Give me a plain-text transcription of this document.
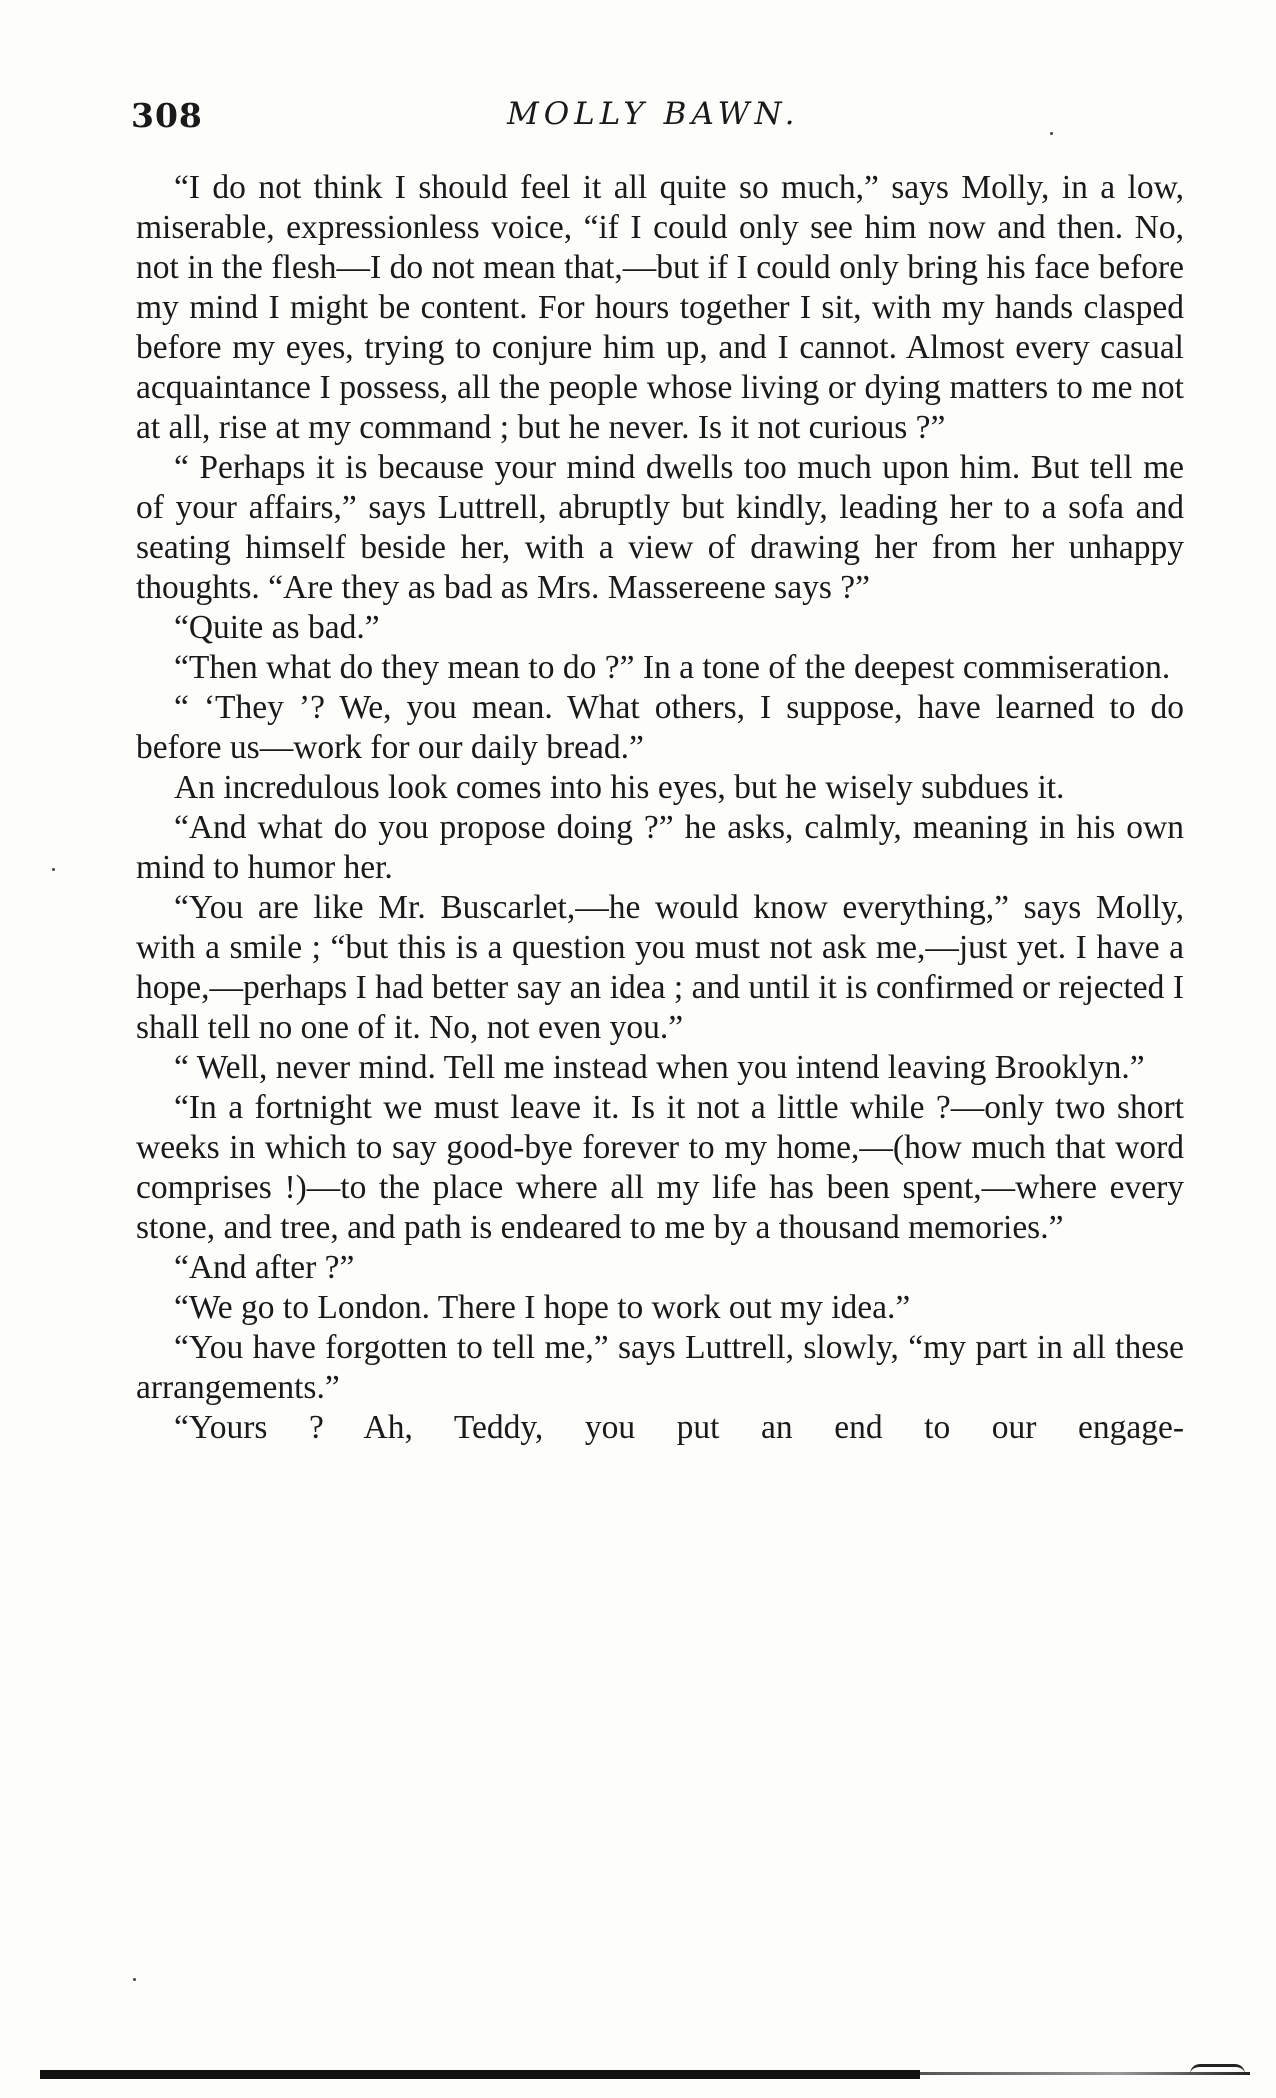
308	MOLLY BAWN.

“I do not think I should feel it all quite so much,” says Molly, in a low, miserable, expressionless voice, “if I could only see him now and then. No, not in the flesh—I do not mean that,—but if I could only bring his face before my mind I might be content. For hours together I sit, with my hands clasped before my eyes, trying to conjure him up, and I cannot. Almost every casual acquaintance I possess, all the people whose living or dying matters to me not at all, rise at my command ; but he never. Is it not curious ?”

“ Perhaps it is because your mind dwells too much upon him. But tell me of your affairs,” says Luttrell, abruptly but kindly, leading her to a sofa and seating himself beside her, with a view of drawing her from her unhappy thoughts. “Are they as bad as Mrs. Massereene says ?”

“Quite as bad.”

“Then what do they mean to do ?” In a tone of the deepest commiseration.

“ ‘They ’? We, you mean. What others, I suppose, have learned to do before us—work for our daily bread.”

An incredulous look comes into his eyes, but he wisely subdues it.

“And what do you propose doing ?” he asks, calmly, meaning in his own mind to humor her.

“You are like Mr. Buscarlet,—he would know everything,” says Molly, with a smile ; “but this is a question you must not ask me,—just yet. I have a hope,—perhaps I had better say an idea ; and until it is confirmed or rejected I shall tell no one of it. No, not even you.”

“ Well, never mind. Tell me instead when you intend leaving Brooklyn.”

“In a fortnight we must leave it. Is it not a little while ?—only two short weeks in which to say good-bye forever to my home,—(how much that word comprises !)—to the place where all my life has been spent,—where every stone, and tree, and path is endeared to me by a thousand memories.”

“And after ?”

“We go to London. There I hope to work out my idea.”

“You have forgotten to tell me,” says Luttrell, slowly, “my part in all these arrangements.”

“Yours ? Ah, Teddy, you put an end to our engage-
